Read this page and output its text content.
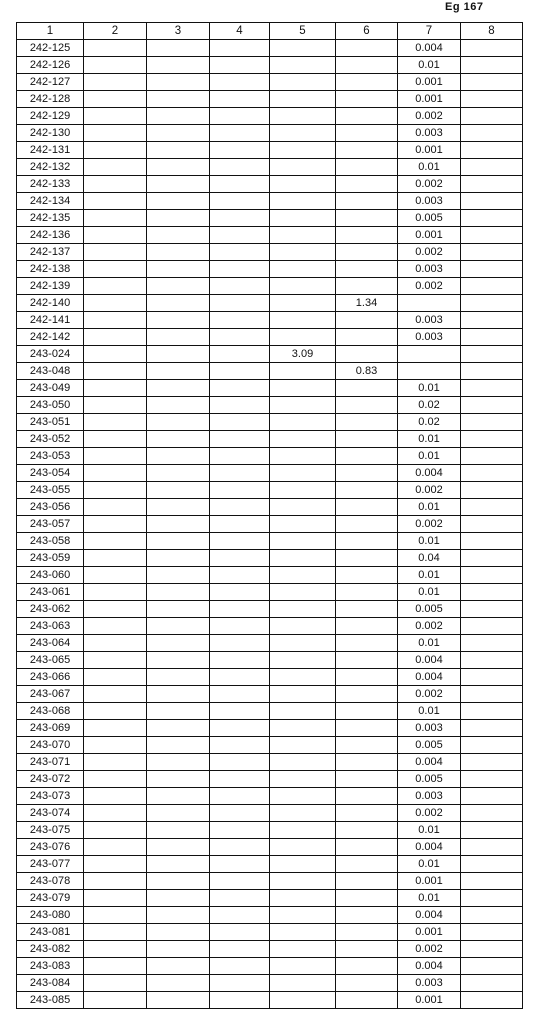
Eg 167
1	2	3	4	5	6	7	8
242-125						0.004	
242-126						0.01	
242-127						0.001	
242-128						0.001	
242-129						0.002	
242-130						0.003	
242-131						0.001	
242-132						0.01	
242-133						0.002	
242-134						0.003	
242-135						0.005	
242-136						0.001	
242-137						0.002	
242-138						0.003	
242-139						0.002	
242-140					1.34		
242-141						0.003	
242-142						0.003	
243-024				3.09			
243-048					0.83		
243-049						0.01	
243-050						0.02	
243-051						0.02	
243-052						0.01	
243-053						0.01	
243-054						0.004	
243-055						0.002	
243-056						0.01	
243-057						0.002	
243-058						0.01	
243-059						0.04	
243-060						0.01	
243-061						0.01	
243-062						0.005	
243-063						0.002	
243-064						0.01	
243-065						0.004	
243-066						0.004	
243-067						0.002	
243-068						0.01	
243-069						0.003	
243-070						0.005	
243-071						0.004	
243-072						0.005	
243-073						0.003	
243-074						0.002	
243-075						0.01	
243-076						0.004	
243-077						0.01	
243-078						0.001	
243-079						0.01	
243-080						0.004	
243-081						0.001	
243-082						0.002	
243-083						0.004	
243-084						0.003	
243-085						0.001	
